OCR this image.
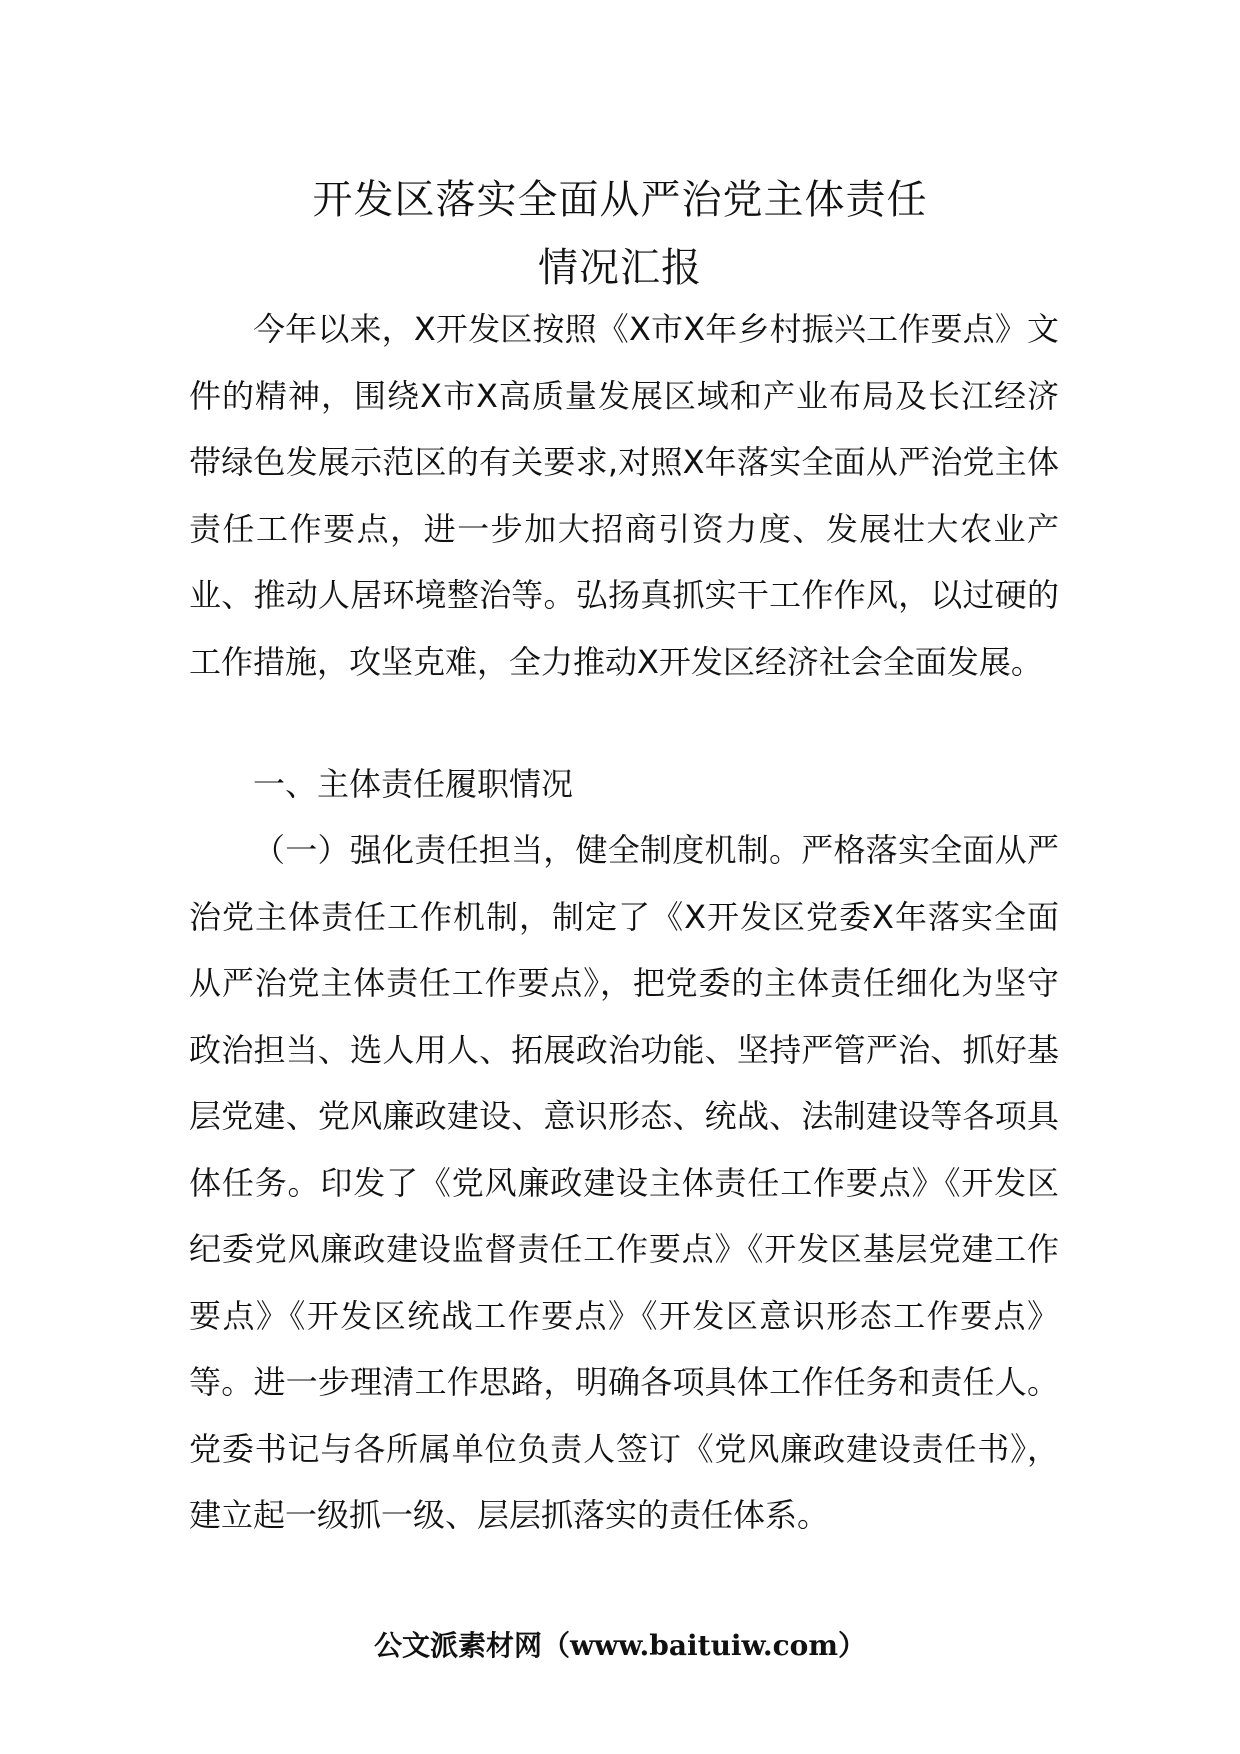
开发区落实全面从严治党主体责任
情况汇报

今年以来，X开发区按照《X市X年乡村振兴工作要点》文件的精神，围绕X市X高质量发展区域和产业布局及长江经济带绿色发展示范区的有关要求,对照X年落实全面从严治党主体责任工作要点，进一步加大招商引资力度、发展壮大农业产业、推动人居环境整治等。弘扬真抓实干工作作风，以过硬的工作措施，攻坚克难，全力推动X开发区经济社会全面发展。

一、主体责任履职情况

（一）强化责任担当，健全制度机制。严格落实全面从严治党主体责任工作机制，制定了《X开发区党委X年落实全面从严治党主体责任工作要点》，把党委的主体责任细化为坚守政治担当、选人用人、拓展政治功能、坚持严管严治、抓好基层党建、党风廉政建设、意识形态、统战、法制建设等各项具体任务。印发了《党风廉政建设主体责任工作要点》《开发区纪委党风廉政建设监督责任工作要点》《开发区基层党建工作要点》《开发区统战工作要点》《开发区意识形态工作要点》等。进一步理清工作思路，明确各项具体工作任务和责任人。党委书记与各所属单位负责人签订《党风廉政建设责任书》，建立起一级抓一级、层层抓落实的责任体系。

公文派素材网（www.baituiw.com）
